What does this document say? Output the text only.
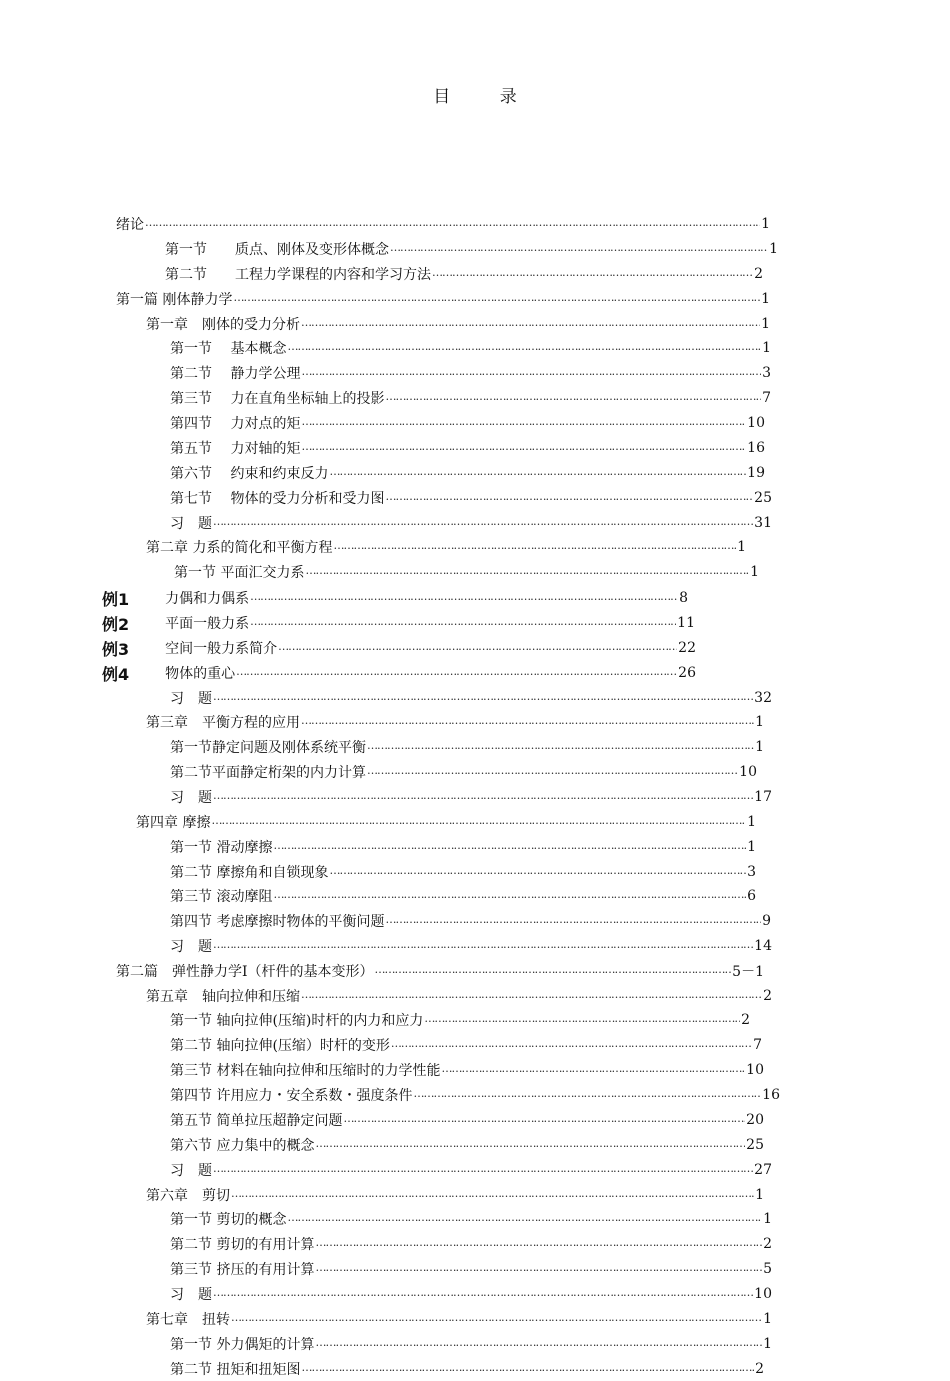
目 录
绪论 …………………………………………………………………………………………………………………………………………………………………………………………………………………………………………	1
第一节　　质点、刚体及变形体概念 …………………………………………………………………………………………………………………………………………………………………………………………………………………………………………	1
第二节　　工程力学课程的内容和学习方法 …………………………………………………………………………………………………………………………………………………………………………………………………………………………………………	2
第一篇 刚体静力学 …………………………………………………………………………………………………………………………………………………………………………………………………………………………………………	1
第一章　刚体的受力分析 …………………………………………………………………………………………………………………………………………………………………………………………………………………………………………	1
第一节　 基本概念 …………………………………………………………………………………………………………………………………………………………………………………………………………………………………………	1
第二节　 静力学公理 …………………………………………………………………………………………………………………………………………………………………………………………………………………………………………	3
第三节　 力在直角坐标轴上的投影 …………………………………………………………………………………………………………………………………………………………………………………………………………………………………………	7
第四节　 力对点的矩 …………………………………………………………………………………………………………………………………………………………………………………………………………………………………………	10
第五节　 力对轴的矩 …………………………………………………………………………………………………………………………………………………………………………………………………………………………………………	16
第六节　 约束和约束反力 …………………………………………………………………………………………………………………………………………………………………………………………………………………………………………	19
第七节　 物体的受力分析和受力图 …………………………………………………………………………………………………………………………………………………………………………………………………………………………………………	25
习　题 …………………………………………………………………………………………………………………………………………………………………………………………………………………………………………	31
第二章 力系的简化和平衡方程 …………………………………………………………………………………………………………………………………………………………………………………………………………………………………………	1
第一节 平面汇交力系 …………………………………………………………………………………………………………………………………………………………………………………………………………………………………………	1
例1	力偶和力偶系 …………………………………………………………………………………………………………………………………………………………………………………………………………………………………………	8
例2	平面一般力系 …………………………………………………………………………………………………………………………………………………………………………………………………………………………………………	11
例3	空间一般力系简介 …………………………………………………………………………………………………………………………………………………………………………………………………………………………………………	22
例4	物体的重心 …………………………………………………………………………………………………………………………………………………………………………………………………………………………………………	26
习　题 …………………………………………………………………………………………………………………………………………………………………………………………………………………………………………	32
第三章　平衡方程的应用 …………………………………………………………………………………………………………………………………………………………………………………………………………………………………………	1
第一节静定问题及刚体系统平衡 …………………………………………………………………………………………………………………………………………………………………………………………………………………………………………	1
第二节平面静定桁架的内力计算 …………………………………………………………………………………………………………………………………………………………………………………………………………………………………………	10
习　题 …………………………………………………………………………………………………………………………………………………………………………………………………………………………………………	17
第四章 摩擦 …………………………………………………………………………………………………………………………………………………………………………………………………………………………………………	1
第一节 滑动摩擦 …………………………………………………………………………………………………………………………………………………………………………………………………………………………………………	1
第二节 摩擦角和自锁现象 …………………………………………………………………………………………………………………………………………………………………………………………………………………………………………	3
第三节 滚动摩阻 …………………………………………………………………………………………………………………………………………………………………………………………………………………………………………	6
第四节 考虑摩擦时物体的平衡问题 …………………………………………………………………………………………………………………………………………………………………………………………………………………………………………	9
习　题 …………………………………………………………………………………………………………………………………………………………………………………………………………………………………………	14
第二篇　弹性静力学Ⅰ（杆件的基本变形） …………………………………………………………………………………………………………………………………………………………………………………………………………………………………………	5－1
第五章　轴向拉伸和压缩 …………………………………………………………………………………………………………………………………………………………………………………………………………………………………………	2
第一节 轴向拉伸(压缩)时杆的内力和应力 …………………………………………………………………………………………………………………………………………………………………………………………………………………………………………	2
第二节 轴向拉伸(压缩）时杆的变形 …………………………………………………………………………………………………………………………………………………………………………………………………………………………………………	7
第三节 材料在轴向拉伸和压缩时的力学性能 …………………………………………………………………………………………………………………………………………………………………………………………………………………………………………	10
第四节 许用应力・安全系数・强度条件 …………………………………………………………………………………………………………………………………………………………………………………………………………………………………………	16
第五节 简单拉压超静定问题 …………………………………………………………………………………………………………………………………………………………………………………………………………………………………………	20
第六节 应力集中的概念 …………………………………………………………………………………………………………………………………………………………………………………………………………………………………………	25
习　题 …………………………………………………………………………………………………………………………………………………………………………………………………………………………………………	27
第六章　剪切 …………………………………………………………………………………………………………………………………………………………………………………………………………………………………………	1
第一节 剪切的概念 …………………………………………………………………………………………………………………………………………………………………………………………………………………………………………	1
第二节 剪切的有用计算 …………………………………………………………………………………………………………………………………………………………………………………………………………………………………………	2
第三节 挤压的有用计算 …………………………………………………………………………………………………………………………………………………………………………………………………………………………………………	5
习　题 …………………………………………………………………………………………………………………………………………………………………………………………………………………………………………	10
第七章　扭转 …………………………………………………………………………………………………………………………………………………………………………………………………………………………………………	1
第一节 外力偶矩的计算 …………………………………………………………………………………………………………………………………………………………………………………………………………………………………………	1
第二节 扭矩和扭矩图 …………………………………………………………………………………………………………………………………………………………………………………………………………………………………………	2
